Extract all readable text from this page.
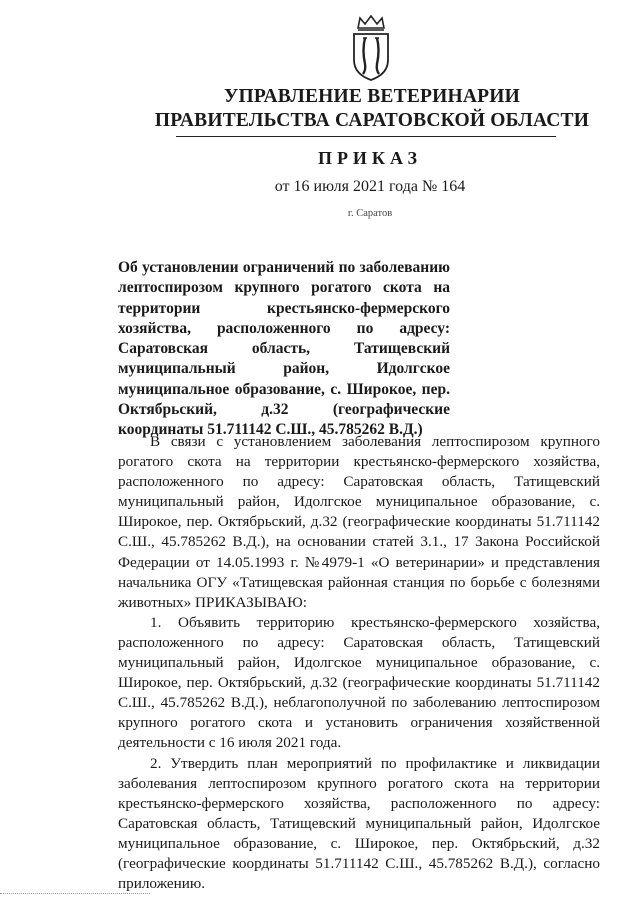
УПРАВЛЕНИЕ ВЕТЕРИНАРИИ
ПРАВИТЕЛЬСТВА САРАТОВСКОЙ ОБЛАСТИ
ПРИКАЗ
от 16 июля 2021 года № 164
г. Саратов
Об установлении ограничений по заболеванию лептоспирозом крупного рогатого скота на территории крестьянско-фермерского хозяйства, расположенного по адресу: Саратовская область, Татищевский муниципальный район, Идолгское муниципальное образование, с. Широкое, пер. Октябрьский, д.32 (географические координаты 51.711142 С.Ш., 45.785262 В.Д.)

В связи с установлением заболевания лептоспирозом крупного рогатого скота на территории крестьянско-фермерского хозяйства, расположенного по адресу: Саратовская область, Татищевский муниципальный район, Идолгское муниципальное образование, с. Широкое, пер. Октябрьский, д.32 (географические координаты 51.711142 С.Ш., 45.785262 В.Д.), на основании статей 3.1., 17 Закона Российской Федерации от 14.05.1993 г. №4979-1 «О ветеринарии» и представления начальника ОГУ «Татищевская районная станция по борьбе с болезнями животных» ПРИКАЗЫВАЮ:

1. Объявить территорию крестьянско-фермерского хозяйства, расположенного по адресу: Саратовская область, Татищевский муниципальный район, Идолгское муниципальное образование, с. Широкое, пер. Октябрьский, д.32 (географические координаты 51.711142 С.Ш., 45.785262 В.Д.), неблагополучной по заболеванию лептоспирозом крупного рогатого скота и установить ограничения хозяйственной деятельности с 16 июля 2021 года.

2. Утвердить план мероприятий по профилактике и ликвидации заболевания лептоспирозом крупного рогатого скота на территории крестьянско-фермерского хозяйства, расположенного по адресу: Саратовская область, Татищевский муниципальный район, Идолгское муниципальное образование, с. Широкое, пер. Октябрьский, д.32 (географические координаты 51.711142 С.Ш., 45.785262 В.Д.), согласно приложению.
